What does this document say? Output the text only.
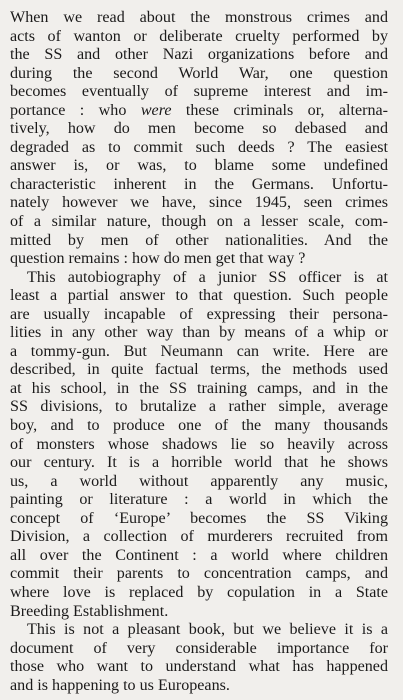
When we read about the monstrous crimes and
acts of wanton or deliberate cruelty performed by
the SS and other Nazi organizations before and
during the second World War, one question
becomes eventually of supreme interest and im-
portance : who were these criminals or, alterna-
tively, how do men become so debased and
degraded as to commit such deeds ? The easiest
answer is, or was, to blame some undefined
characteristic inherent in the Germans. Unfortu-
nately however we have, since 1945, seen crimes
of a similar nature, though on a lesser scale, com-
mitted by men of other nationalities. And the
question remains : how do men get that way ?
This autobiography of a junior SS officer is at
least a partial answer to that question. Such people
are usually incapable of expressing their persona-
lities in any other way than by means of a whip or
a tommy-gun. But Neumann can write. Here are
described, in quite factual terms, the methods used
at his school, in the SS training camps, and in the
SS divisions, to brutalize a rather simple, average
boy, and to produce one of the many thousands
of monsters whose shadows lie so heavily across
our century. It is a horrible world that he shows
us, a world without apparently any music,
painting or literature : a world in which the
concept of ‘Europe’ becomes the SS Viking
Division, a collection of murderers recruited from
all over the Continent : a world where children
commit their parents to concentration camps, and
where love is replaced by copulation in a State
Breeding Establishment.
This is not a pleasant book, but we believe it is a
document of very considerable importance for
those who want to understand what has happened
and is happening to us Europeans.
